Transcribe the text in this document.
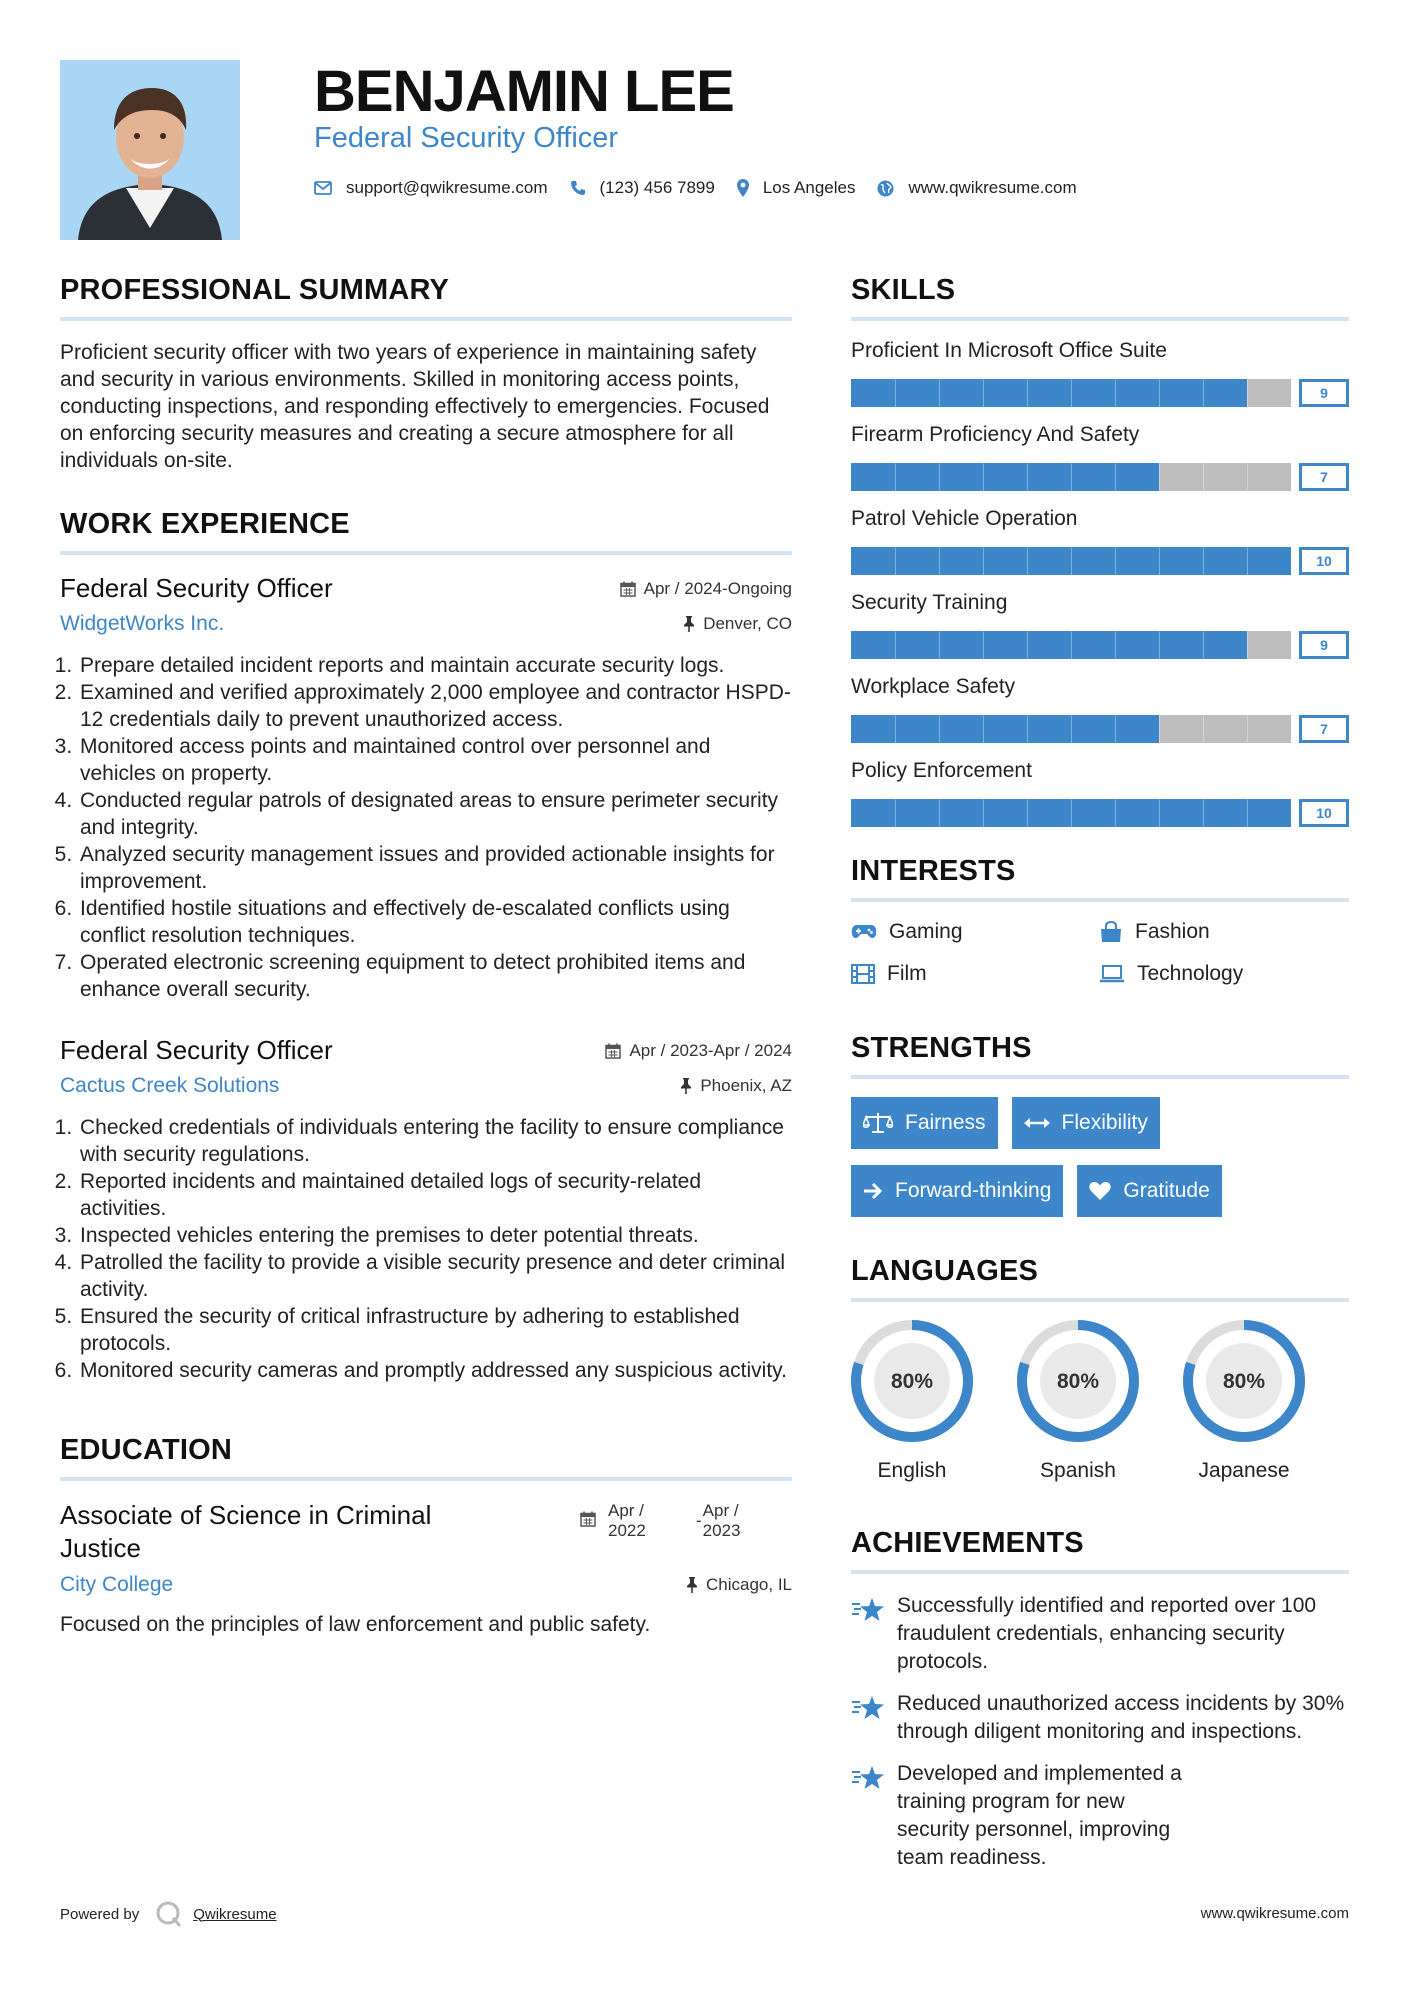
BENJAMIN LEE
Federal Security Officer
support@qwikresume.com	(123) 456 7899	Los Angeles	www.qwikresume.com
PROFESSIONAL SUMMARY
Proficient security officer with two years of experience in maintaining safety and security in various environments. Skilled in monitoring access points, conducting inspections, and responding effectively to emergencies. Focused on enforcing security measures and creating a secure atmosphere for all individuals on-site.
WORK EXPERIENCE
Federal Security Officer	Apr / 2024-Ongoing
WidgetWorks Inc.	Denver, CO
1. Prepare detailed incident reports and maintain accurate security logs.
2. Examined and verified approximately 2,000 employee and contractor HSPD-12 credentials daily to prevent unauthorized access.
3. Monitored access points and maintained control over personnel and vehicles on property.
4. Conducted regular patrols of designated areas to ensure perimeter security and integrity.
5. Analyzed security management issues and provided actionable insights for improvement.
6. Identified hostile situations and effectively de-escalated conflicts using conflict resolution techniques.
7. Operated electronic screening equipment to detect prohibited items and enhance overall security.
Federal Security Officer	Apr / 2023-Apr / 2024
Cactus Creek Solutions	Phoenix, AZ
1. Checked credentials of individuals entering the facility to ensure compliance with security regulations.
2. Reported incidents and maintained detailed logs of security-related activities.
3. Inspected vehicles entering the premises to deter potential threats.
4. Patrolled the facility to provide a visible security presence and deter criminal activity.
5. Ensured the security of critical infrastructure by adhering to established protocols.
6. Monitored security cameras and promptly addressed any suspicious activity.
EDUCATION
Associate of Science in Criminal
Justice
Apr /
2022
-
Apr /
2023
City College	Chicago, IL
Focused on the principles of law enforcement and public safety.
SKILLS
Proficient In Microsoft Office Suite
9
Firearm Proficiency And Safety
7
Patrol Vehicle Operation
10
Security Training
9
Workplace Safety
7
Policy Enforcement
10
INTERESTS
Gaming	Fashion
Film	Technology
STRENGTHS
Fairness	Flexibility
Forward-thinking	Gratitude
LANGUAGES
80%
English
80%
Spanish
80%
Japanese
ACHIEVEMENTS
Successfully identified and reported over 100 fraudulent credentials, enhancing security protocols.
Reduced unauthorized access incidents by 30% through diligent monitoring and inspections.
Developed and implemented a training program for new security personnel, improving team readiness.
Powered by	Qwikresume	www.qwikresume.com
